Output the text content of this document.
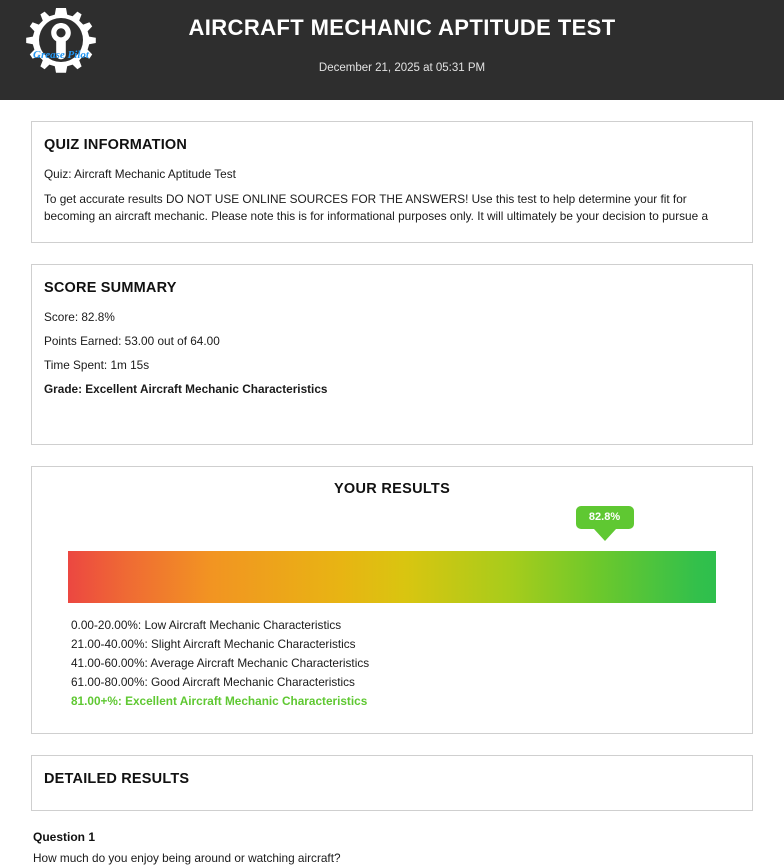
Grease Pilot
AIRCRAFT MECHANIC APTITUDE TEST
December 21, 2025 at 05:31 PM
QUIZ INFORMATION
Quiz: Aircraft Mechanic Aptitude Test
To get accurate results DO NOT USE ONLINE SOURCES FOR THE ANSWERS! Use this test to help determine your fit for becoming an aircraft mechanic. Please note this is for informational purposes only. It will ultimately be your decision to pursue a
SCORE SUMMARY
Score: 82.8%
Points Earned: 53.00 out of 64.00
Time Spent: 1m 15s
Grade: Excellent Aircraft Mechanic Characteristics
YOUR RESULTS
82.8%
0.00-20.00%: Low Aircraft Mechanic Characteristics
21.00-40.00%: Slight Aircraft Mechanic Characteristics
41.00-60.00%: Average Aircraft Mechanic Characteristics
61.00-80.00%: Good Aircraft Mechanic Characteristics
81.00+%: Excellent Aircraft Mechanic Characteristics
DETAILED RESULTS
Question 1
How much do you enjoy being around or watching aircraft?
